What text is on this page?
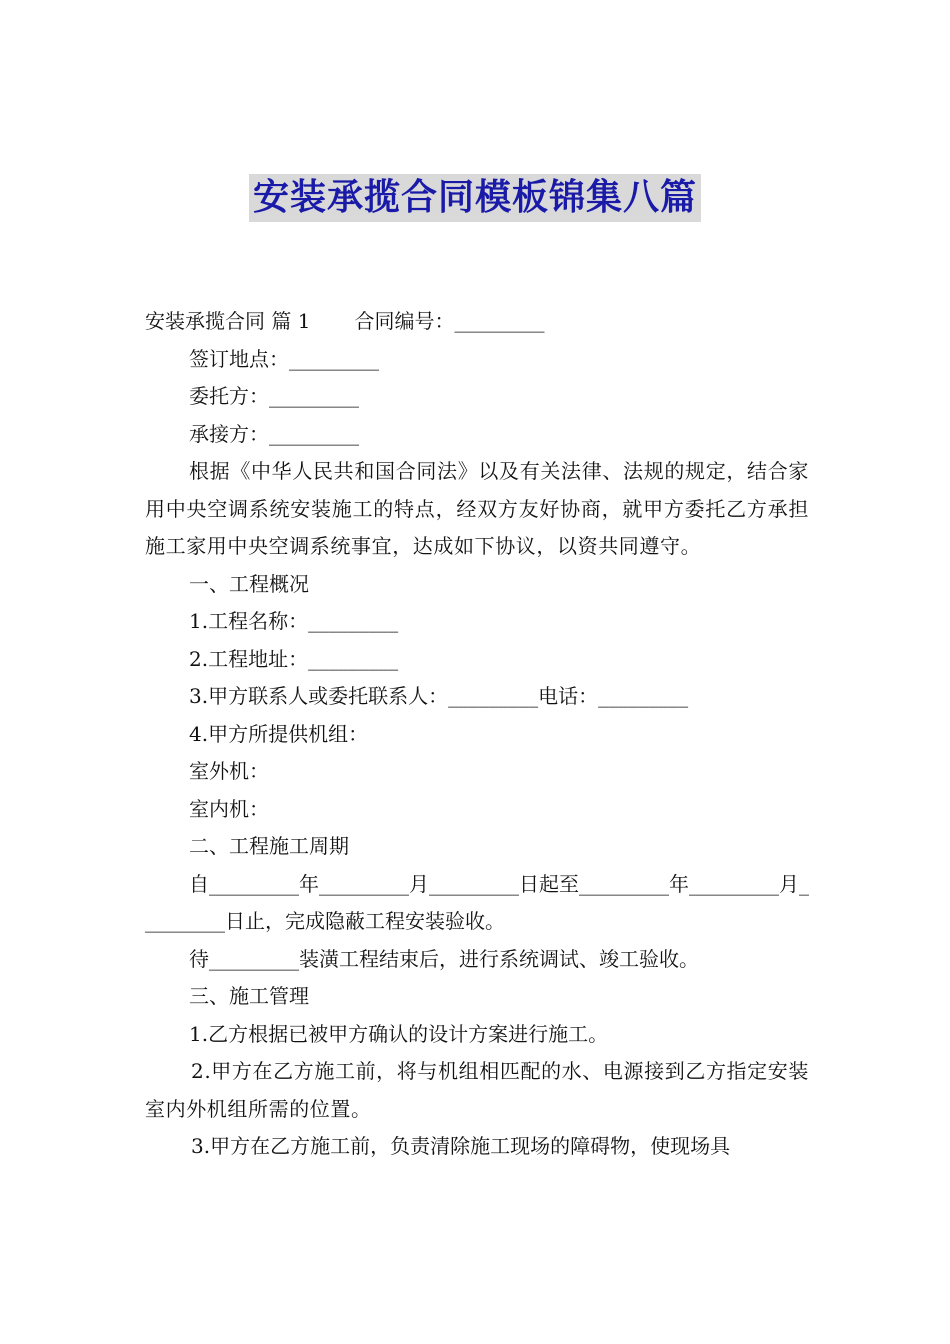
安装承揽合同模板锦集八篇

安装承揽合同 篇 1 合同编号：_________

签订地点：_________

委托方：_________

承接方：_________

根据《中华人民共和国合同法》以及有关法律、法规的规定，结合家用中央空调系统安装施工的特点，经双方友好协商，就甲方委托乙方承担施工家用中央空调系统事宜，达成如下协议，以资共同遵守。

一、工程概况

1.工程名称：_________

2.工程地址：_________

3.甲方联系人或委托联系人：_________电话：_________

4.甲方所提供机组：

室外机：

室内机：

二、工程施工周期

自_________年_________月_________日起至_________年_________月_________日止，完成隐蔽工程安装验收。

待_________装潢工程结束后，进行系统调试、竣工验收。

三、施工管理

1.乙方根据已被甲方确认的设计方案进行施工。

2.甲方在乙方施工前，将与机组相匹配的水、电源接到乙方指定安装室内外机组所需的位置。

3.甲方在乙方施工前，负责清除施工现场的障碍物，使现场具
